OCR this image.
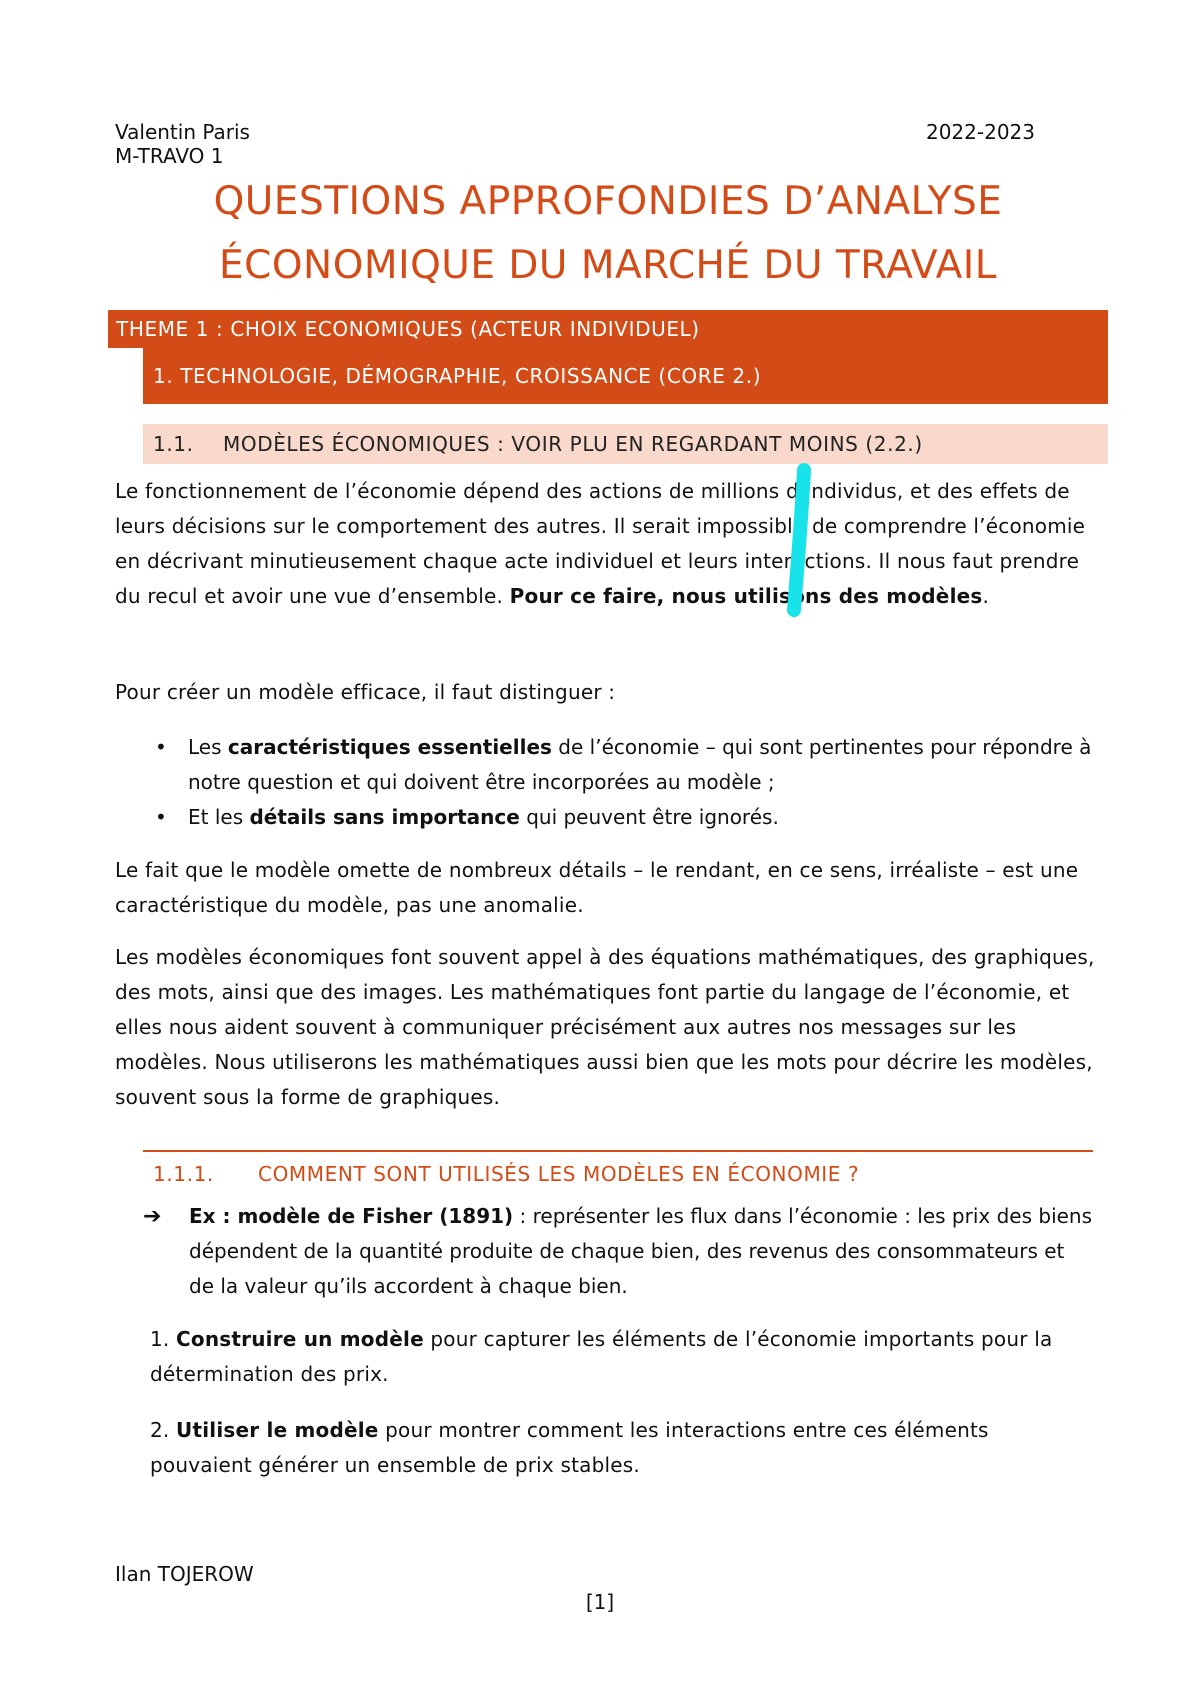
Valentin Paris	2022-2023
M-TRAVO 1
QUESTIONS APPROFONDIES D’ANALYSE
ÉCONOMIQUE DU MARCHÉ DU TRAVAIL
THEME 1 : CHOIX ECONOMIQUES (ACTEUR INDIVIDUEL)
1. TECHNOLOGIE, DÉMOGRAPHIE, CROISSANCE (CORE 2.)
1.1. MODÈLES ÉCONOMIQUES : VOIR PLU EN REGARDANT MOINS (2.2.)
Le fonctionnement de l’économie dépend des actions de millions d’individus, et des effets de leurs décisions sur le comportement des autres. Il serait impossible de comprendre l’économie en décrivant minutieusement chaque acte individuel et leurs interactions. Il nous faut prendre du recul et avoir une vue d’ensemble. Pour ce faire, nous utilisons des modèles.
Pour créer un modèle efficace, il faut distinguer :
• Les caractéristiques essentielles de l’économie – qui sont pertinentes pour répondre à notre question et qui doivent être incorporées au modèle ;
• Et les détails sans importance qui peuvent être ignorés.
Le fait que le modèle omette de nombreux détails – le rendant, en ce sens, irréaliste – est une caractéristique du modèle, pas une anomalie.
Les modèles économiques font souvent appel à des équations mathématiques, des graphiques, des mots, ainsi que des images. Les mathématiques font partie du langage de l’économie, et elles nous aident souvent à communiquer précisément aux autres nos messages sur les modèles. Nous utiliserons les mathématiques aussi bien que les mots pour décrire les modèles, souvent sous la forme de graphiques.
1.1.1. COMMENT SONT UTILISÉS LES MODÈLES EN ÉCONOMIE ?
➔	Ex : modèle de Fisher (1891) : représenter les flux dans l’économie : les prix des biens dépendent de la quantité produite de chaque bien, des revenus des consommateurs et de la valeur qu’ils accordent à chaque bien.
1. Construire un modèle pour capturer les éléments de l’économie importants pour la détermination des prix.
2. Utiliser le modèle pour montrer comment les interactions entre ces éléments pouvaient générer un ensemble de prix stables.
Ilan TOJEROW
[1]
